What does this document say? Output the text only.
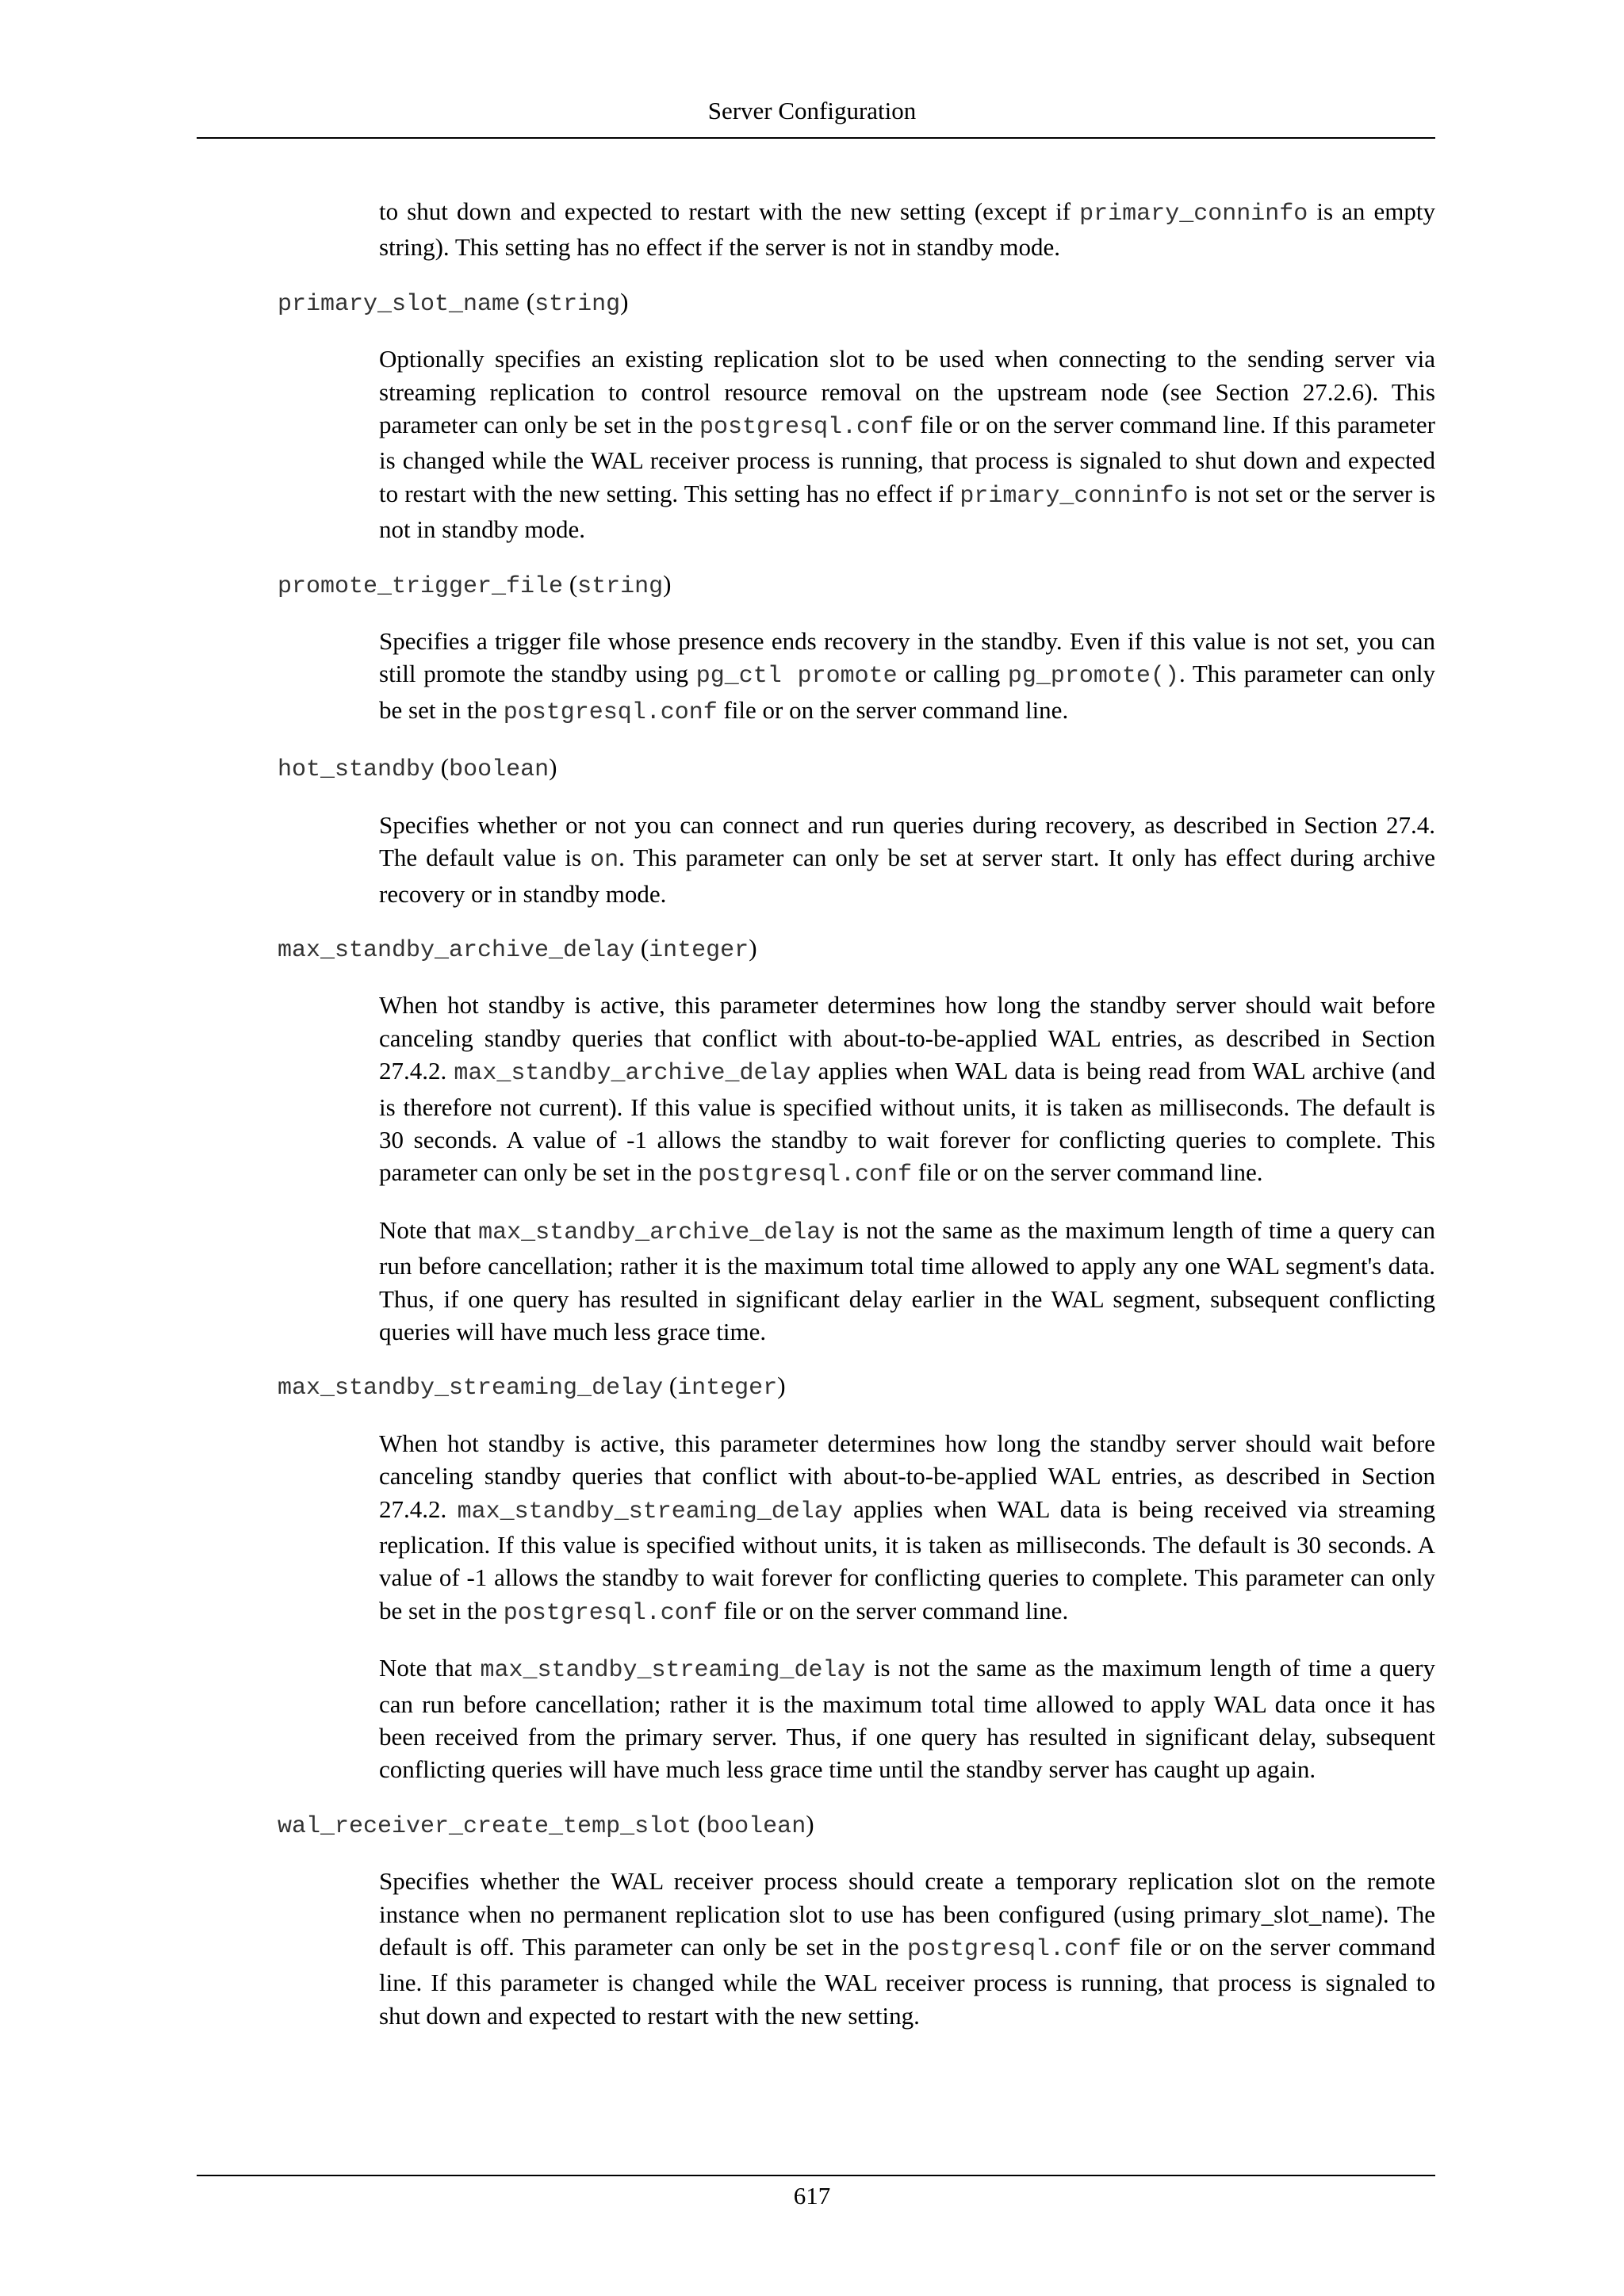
Server Configuration

to shut down and expected to restart with the new setting (except if primary_conninfo is an empty string). This setting has no effect if the server is not in standby mode.

primary_slot_name (string)

Optionally specifies an existing replication slot to be used when connecting to the sending server via streaming replication to control resource removal on the upstream node (see Section 27.2.6). This parameter can only be set in the postgresql.conf file or on the server command line. If this parameter is changed while the WAL receiver process is running, that process is signaled to shut down and expected to restart with the new setting. This setting has no effect if primary_conninfo is not set or the server is not in standby mode.

promote_trigger_file (string)

Specifies a trigger file whose presence ends recovery in the standby. Even if this value is not set, you can still promote the standby using pg_ctl promote or calling pg_promote(). This parameter can only be set in the postgresql.conf file or on the server command line.

hot_standby (boolean)

Specifies whether or not you can connect and run queries during recovery, as described in Section 27.4. The default value is on. This parameter can only be set at server start. It only has effect during archive recovery or in standby mode.

max_standby_archive_delay (integer)

When hot standby is active, this parameter determines how long the standby server should wait before canceling standby queries that conflict with about-to-be-applied WAL entries, as described in Section 27.4.2. max_standby_archive_delay applies when WAL data is being read from WAL archive (and is therefore not current). If this value is specified without units, it is taken as milliseconds. The default is 30 seconds. A value of -1 allows the standby to wait forever for conflicting queries to complete. This parameter can only be set in the postgresql.conf file or on the server command line.

Note that max_standby_archive_delay is not the same as the maximum length of time a query can run before cancellation; rather it is the maximum total time allowed to apply any one WAL segment's data. Thus, if one query has resulted in significant delay earlier in the WAL segment, subsequent conflicting queries will have much less grace time.

max_standby_streaming_delay (integer)

When hot standby is active, this parameter determines how long the standby server should wait before canceling standby queries that conflict with about-to-be-applied WAL entries, as described in Section 27.4.2. max_standby_streaming_delay applies when WAL data is being received via streaming replication. If this value is specified without units, it is taken as milliseconds. The default is 30 seconds. A value of -1 allows the standby to wait forever for conflicting queries to complete. This parameter can only be set in the postgresql.conf file or on the server command line.

Note that max_standby_streaming_delay is not the same as the maximum length of time a query can run before cancellation; rather it is the maximum total time allowed to apply WAL data once it has been received from the primary server. Thus, if one query has resulted in significant delay, subsequent conflicting queries will have much less grace time until the standby server has caught up again.

wal_receiver_create_temp_slot (boolean)

Specifies whether the WAL receiver process should create a temporary replication slot on the remote instance when no permanent replication slot to use has been configured (using primary_slot_name). The default is off. This parameter can only be set in the postgresql.conf file or on the server command line. If this parameter is changed while the WAL receiver process is running, that process is signaled to shut down and expected to restart with the new setting.

617
